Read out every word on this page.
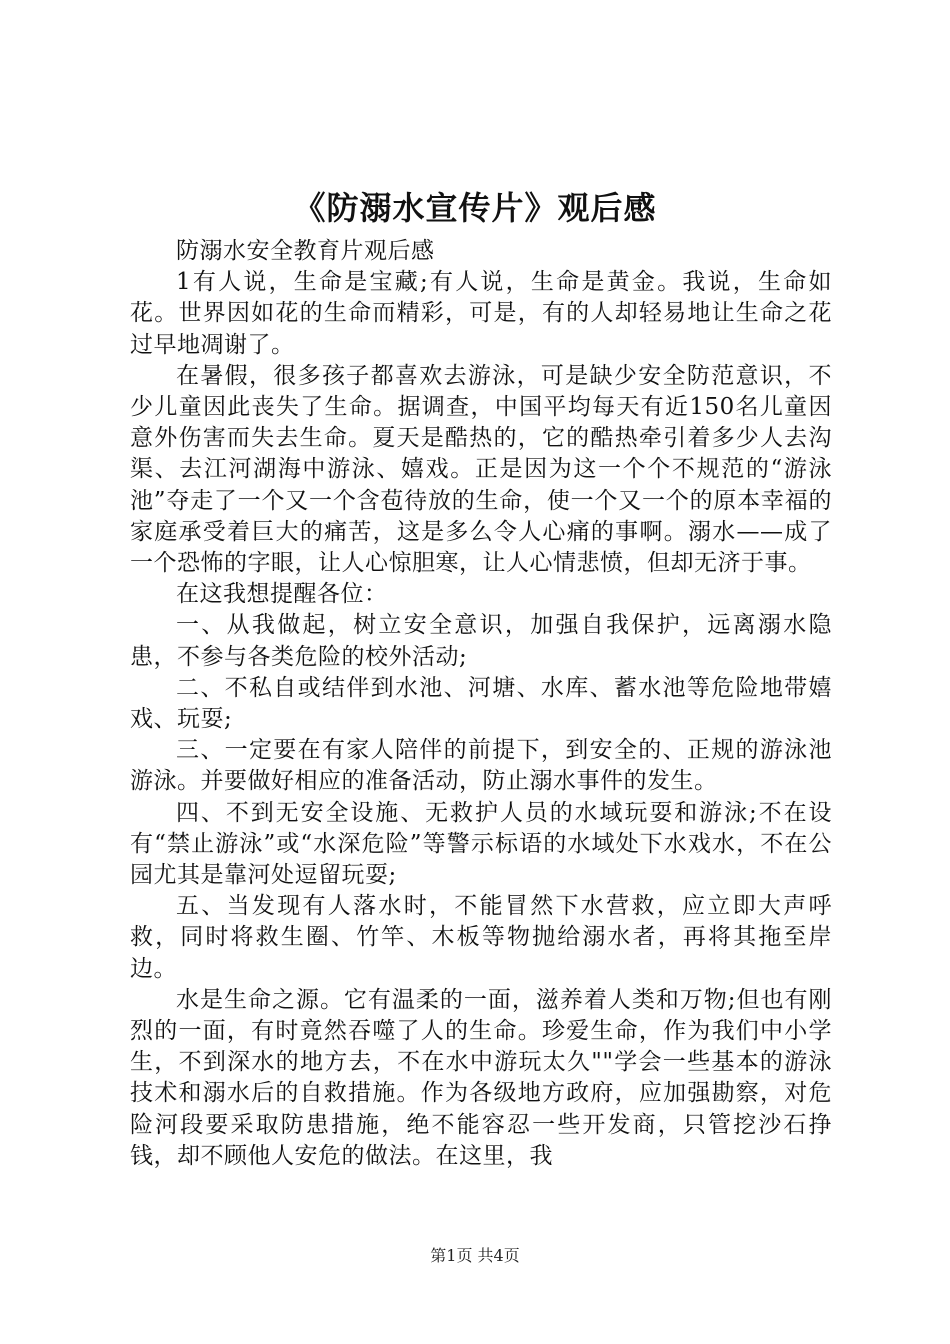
《防溺水宣传片》观后感

防溺水安全教育片观后感

1有人说，生命是宝藏;有人说，生命是黄金。我说，生命如花。世界因如花的生命而精彩，可是，有的人却轻易地让生命之花过早地凋谢了。

在暑假，很多孩子都喜欢去游泳，可是缺少安全防范意识，不少儿童因此丧失了生命。据调查，中国平均每天有近150名儿童因意外伤害而失去生命。夏天是酷热的，它的酷热牵引着多少人去沟渠、去江河湖海中游泳、嬉戏。正是因为这一个个不规范的“游泳池”夺走了一个又一个含苞待放的生命，使一个又一个的原本幸福的家庭承受着巨大的痛苦，这是多么令人心痛的事啊。溺水——成了一个恐怖的字眼，让人心惊胆寒，让人心情悲愤，但却无济于事。

在这我想提醒各位：

一、从我做起，树立安全意识，加强自我保护，远离溺水隐患，不参与各类危险的校外活动;

二、不私自或结伴到水池、河塘、水库、蓄水池等危险地带嬉戏、玩耍;

三、一定要在有家人陪伴的前提下，到安全的、正规的游泳池游泳。并要做好相应的准备活动，防止溺水事件的发生。

四、不到无安全设施、无救护人员的水域玩耍和游泳;不在设有“禁止游泳”或“水深危险”等警示标语的水域处下水戏水，不在公园尤其是靠河处逗留玩耍;

五、当发现有人落水时，不能冒然下水营救，应立即大声呼救，同时将救生圈、竹竿、木板等物抛给溺水者，再将其拖至岸边。

水是生命之源。它有温柔的一面，滋养着人类和万物;但也有刚烈的一面，有时竟然吞噬了人的生命。珍爱生命，作为我们中小学生，不到深水的地方去，不在水中游玩太久""学会一些基本的游泳技术和溺水后的自救措施。作为各级地方政府，应加强勘察，对危险河段要采取防患措施，绝不能容忍一些开发商，只管挖沙石挣钱，却不顾他人安危的做法。在这里，我

第1页 共4页
